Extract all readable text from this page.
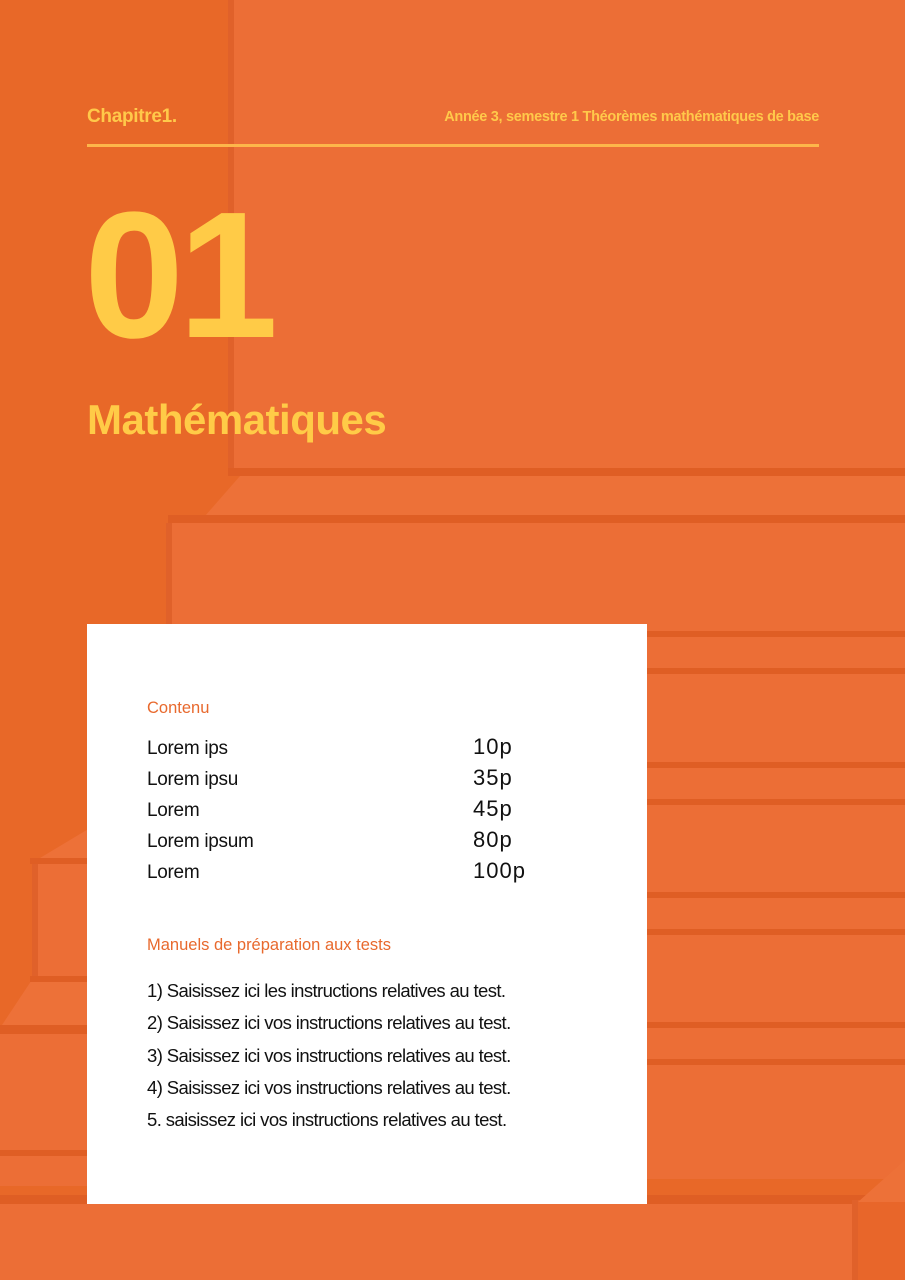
Chapitre1.	Année 3, semestre 1 Théorèmes mathématiques de base
01
Mathématiques
Contenu
Lorem ips	10p
Lorem ipsu	35p
Lorem	45p
Lorem ipsum	80p
Lorem	100p
Manuels de préparation aux tests
1) Saisissez ici les instructions relatives au test.
2) Saisissez ici vos instructions relatives au test.
3) Saisissez ici vos instructions relatives au test.
4) Saisissez ici vos instructions relatives au test.
5. saisissez ici vos instructions relatives au test.
